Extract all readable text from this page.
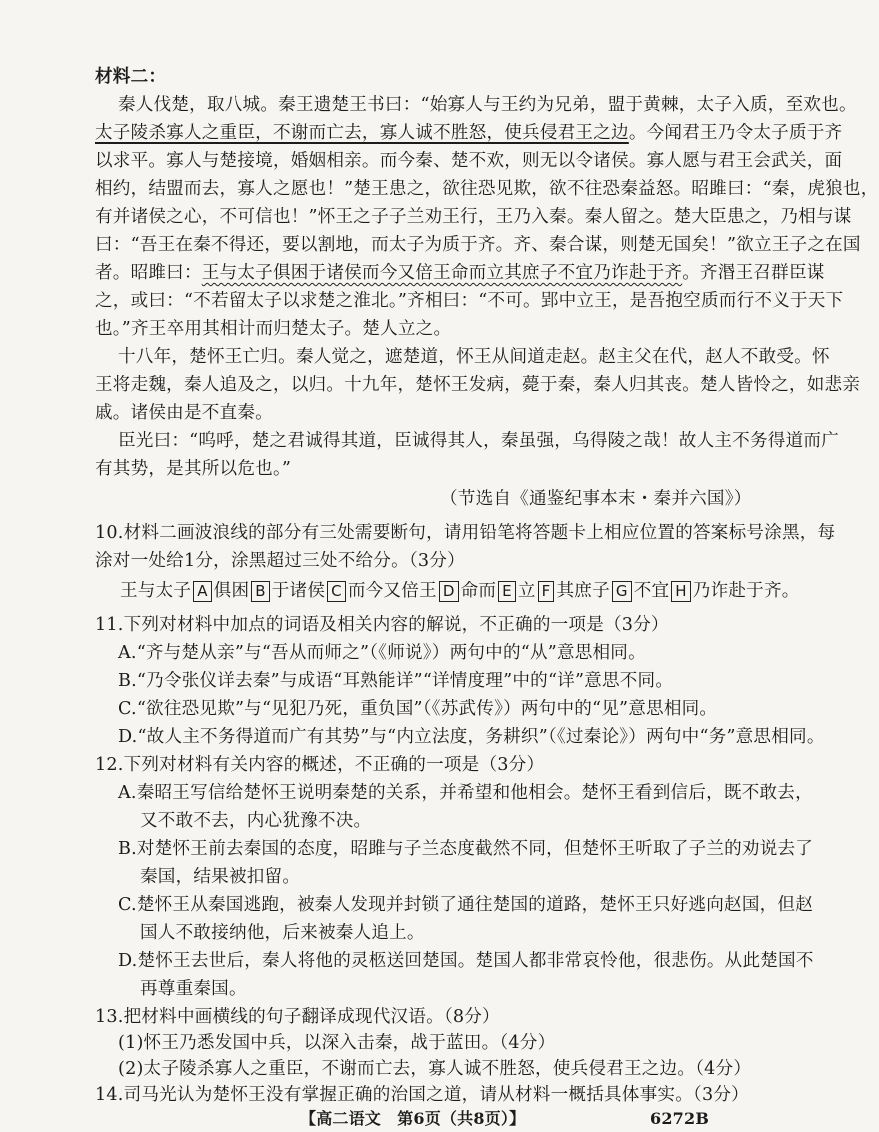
材料二：
秦人伐楚，取八城。秦王遗楚王书曰：“始寡人与王约为兄弟，盟于黄棘，太子入质，至欢也。
太子陵杀寡人之重臣，不谢而亡去，寡人诚不胜怒，使兵侵君王之边。今闻君王乃令太子质于齐
以求平。寡人与楚接境，婚姻相亲。而今秦、楚不欢，则无以令诸侯。寡人愿与君王会武关，面
相约，结盟而去，寡人之愿也！”楚王患之，欲往恐见欺，欲不往恐秦益怒。昭雎曰：“秦，虎狼也，
有并诸侯之心，不可信也！”怀王之子子兰劝王行，王乃入秦。秦人留之。楚大臣患之，乃相与谋
曰：“吾王在秦不得还，要以割地，而太子为质于齐。齐、秦合谋，则楚无国矣！”欲立王子之在国
者。昭雎曰：王与太子俱困于诸侯而今又倍王命而立其庶子不宜乃诈赴于齐。齐湣王召群臣谋
之，或曰：“不若留太子以求楚之淮北。”齐相曰：“不可。郢中立王，是吾抱空质而行不义于天下
也。”齐王卒用其相计而归楚太子。楚人立之。
十八年，楚怀王亡归。秦人觉之，遮楚道，怀王从间道走赵。赵主父在代，赵人不敢受。怀
王将走魏，秦人追及之，以归。十九年，楚怀王发病，薨于秦，秦人归其丧。楚人皆怜之，如悲亲
戚。诸侯由是不直秦。
臣光曰：“呜呼，楚之君诚得其道，臣诚得其人，秦虽强，乌得陵之哉！故人主不务得道而广
有其势，是其所以危也。”
（节选自《通鉴纪事本末・秦并六国》）
10.材料二画波浪线的部分有三处需要断句，请用铅笔将答题卡上相应位置的答案标号涂黑，每
涂对一处给1分，涂黑超过三处不给分。（3分）
王与太子 A 俱困 B 于诸侯 C 而今又倍王 D 命而 E 立 F 其庶子 G 不宜 H 乃诈赴于齐。
11.下列对材料中加点的词语及相关内容的解说，不正确的一项是（3分）
A.“齐与楚从亲”与“吾从而师之”（《师说》）两句中的“从”意思相同。
B.“乃令张仪详去秦”与成语“耳熟能详”“详情度理”中的“详”意思不同。
C.“欲往恐见欺”与“见犯乃死，重负国”（《苏武传》）两句中的“见”意思相同。
D.“故人主不务得道而广有其势”与“内立法度，务耕织”（《过秦论》）两句中“务”意思相同。
12.下列对材料有关内容的概述，不正确的一项是（3分）
A.秦昭王写信给楚怀王说明秦楚的关系，并希望和他相会。楚怀王看到信后，既不敢去，
又不敢不去，内心犹豫不决。
B.对楚怀王前去秦国的态度，昭雎与子兰态度截然不同，但楚怀王听取了子兰的劝说去了
秦国，结果被扣留。
C.楚怀王从秦国逃跑，被秦人发现并封锁了通往楚国的道路，楚怀王只好逃向赵国，但赵
国人不敢接纳他，后来被秦人追上。
D.楚怀王去世后，秦人将他的灵柩送回楚国。楚国人都非常哀怜他，很悲伤。从此楚国不
再尊重秦国。
13.把材料中画横线的句子翻译成现代汉语。（8分）
(1)怀王乃悉发国中兵，以深入击秦，战于蓝田。（4分）
(2)太子陵杀寡人之重臣，不谢而亡去，寡人诚不胜怒，使兵侵君王之边。（4分）
14.司马光认为楚怀王没有掌握正确的治国之道，请从材料一概括具体事实。（3分）
【高二语文　第6页（共8页）】	6272B
